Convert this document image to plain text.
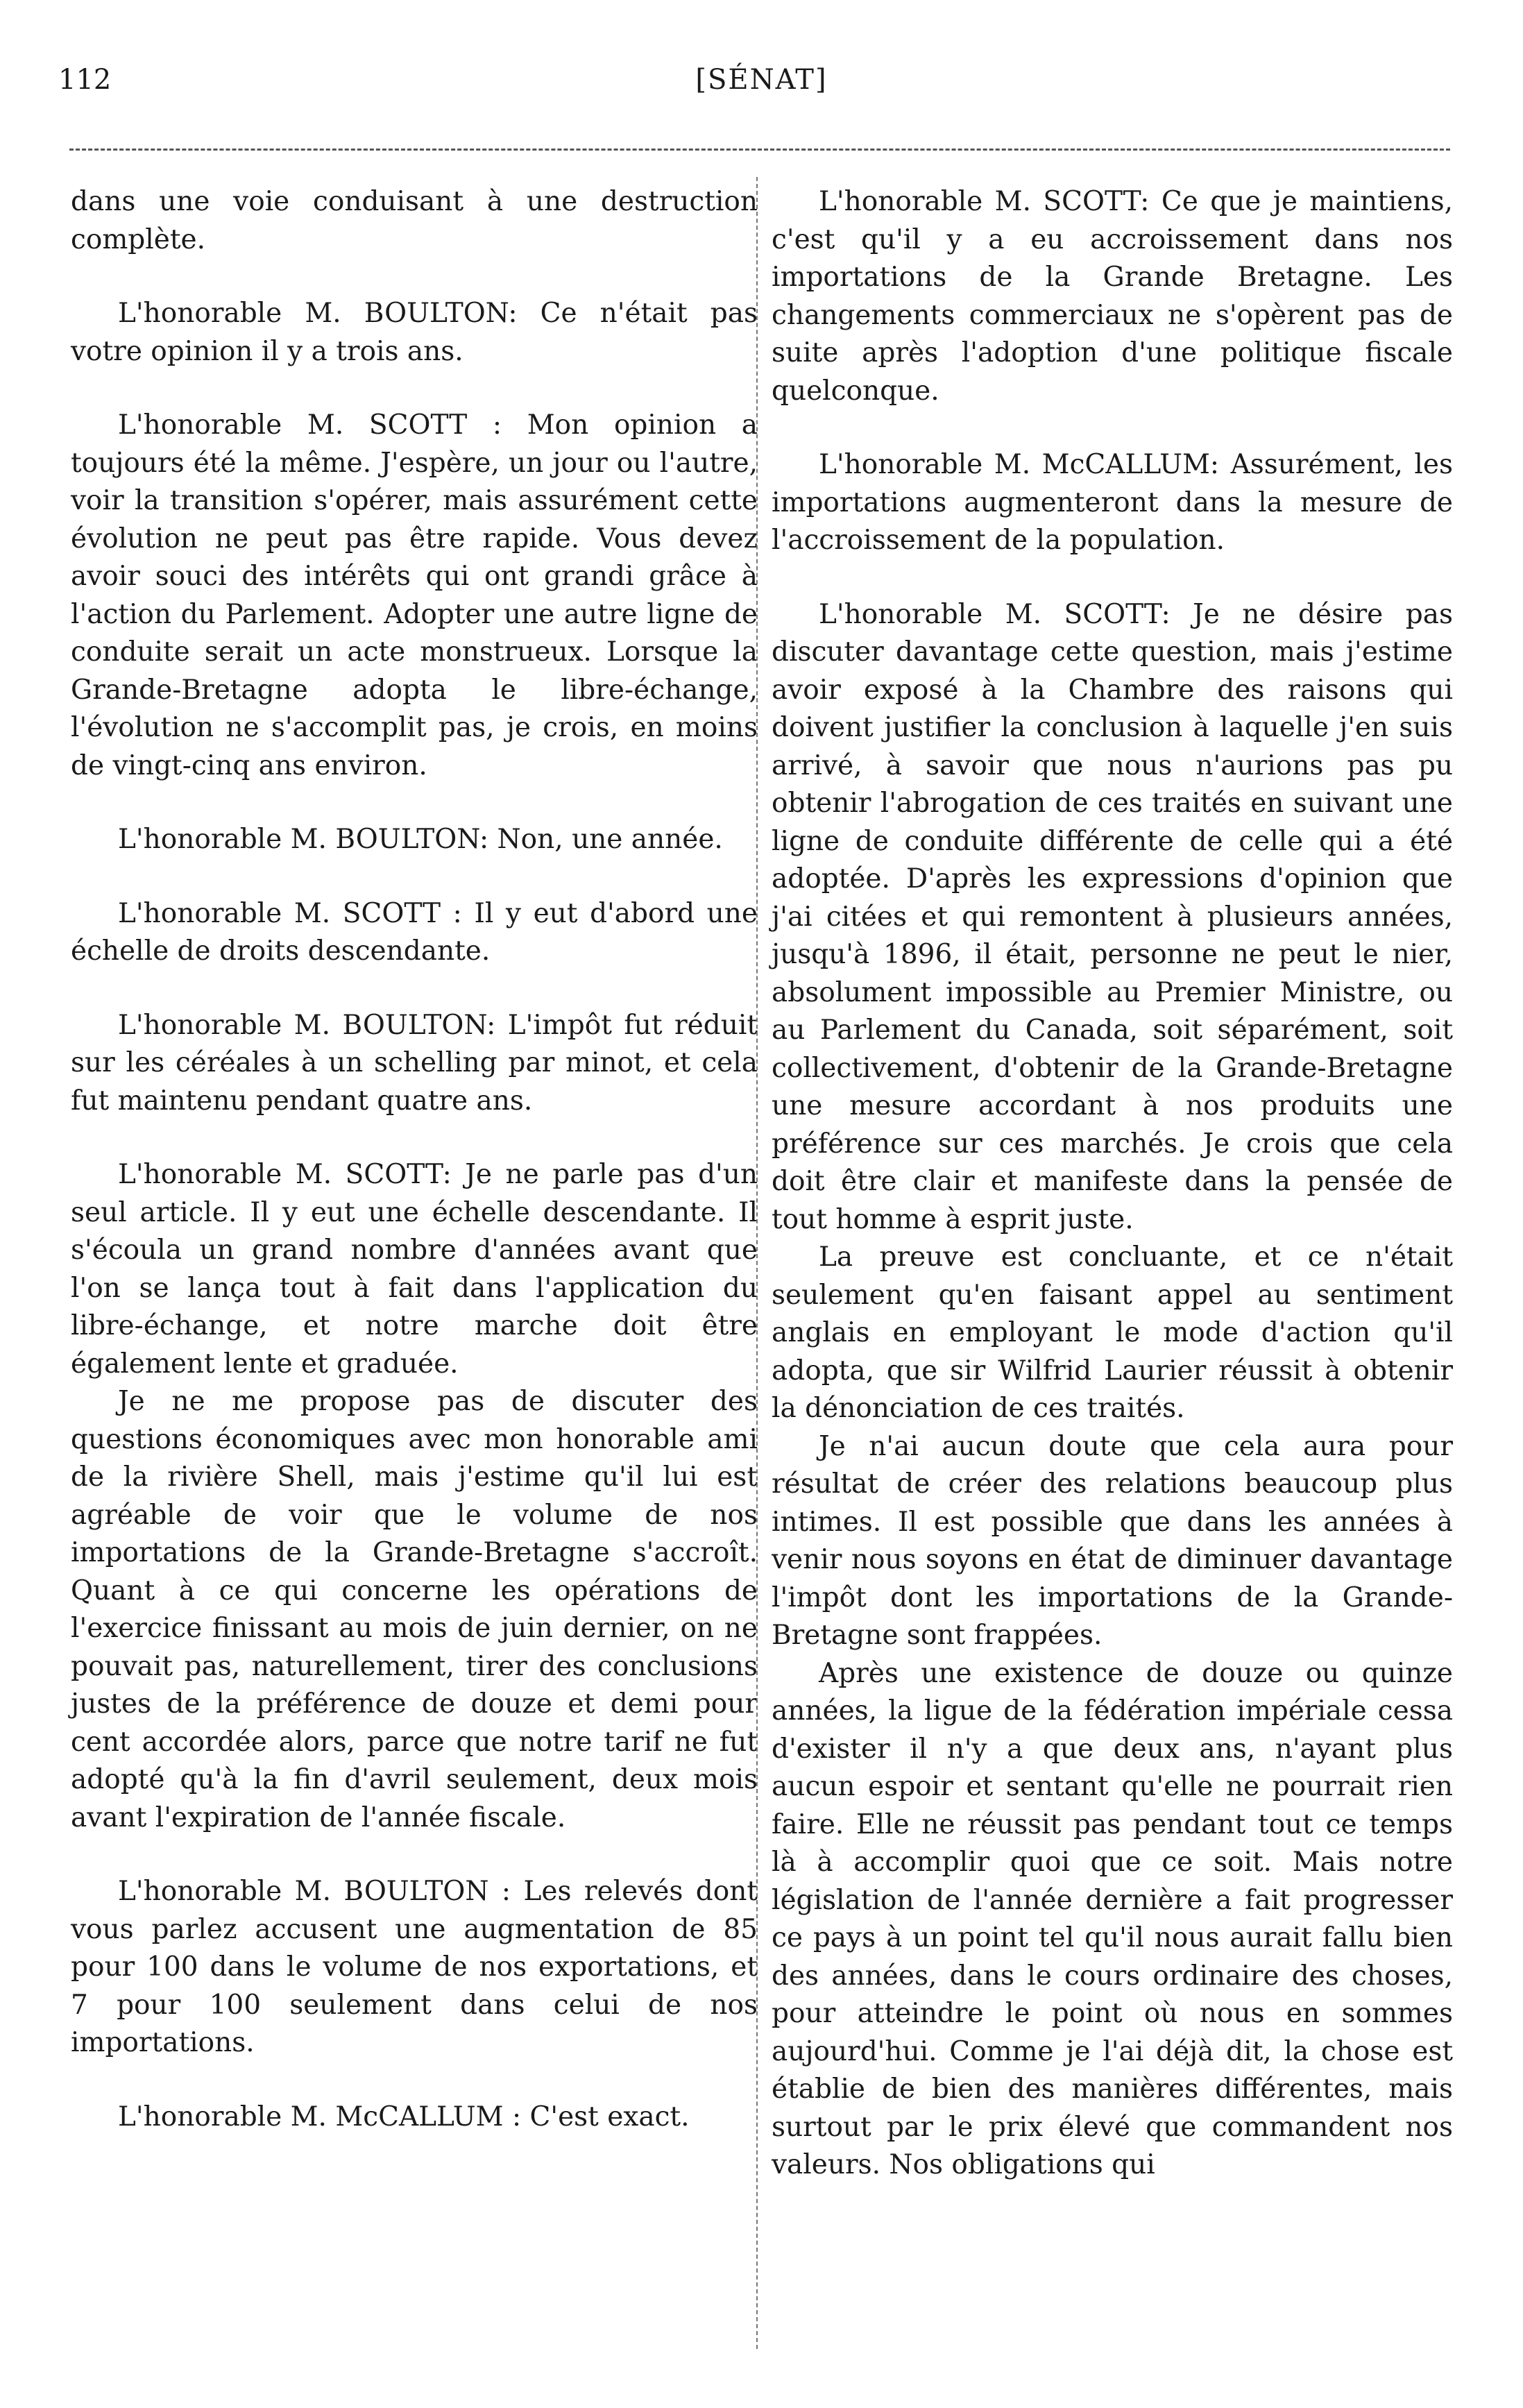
112	[SÉNAT]

dans une voie conduisant à une destruction complète.

L'honorable M. BOULTON: Ce n'était pas votre opinion il y a trois ans.

L'honorable M. SCOTT : Mon opinion a toujours été la même. J'espère, un jour ou l'autre, voir la transition s'opérer, mais assurément cette évolution ne peut pas être rapide. Vous devez avoir souci des intérêts qui ont grandi grâce à l'action du Parlement. Adopter une autre ligne de conduite serait un acte monstrueux. Lorsque la Grande-Bretagne adopta le libre-échange, l'évolution ne s'accomplit pas, je crois, en moins de vingt-cinq ans environ.

L'honorable M. BOULTON: Non, une année.

L'honorable M. SCOTT : Il y eut d'abord une échelle de droits descendante.

L'honorable M. BOULTON: L'impôt fut réduit sur les céréales à un schelling par minot, et cela fut maintenu pendant quatre ans.

L'honorable M. SCOTT: Je ne parle pas d'un seul article. Il y eut une échelle descendante. Il s'écoula un grand nombre d'années avant que l'on se lança tout à fait dans l'application du libre-échange, et notre marche doit être également lente et graduée.

Je ne me propose pas de discuter des questions économiques avec mon honorable ami de la rivière Shell, mais j'estime qu'il lui est agréable de voir que le volume de nos importations de la Grande-Bretagne s'accroît. Quant à ce qui concerne les opérations de l'exercice finissant au mois de juin dernier, on ne pouvait pas, naturellement, tirer des conclusions justes de la préférence de douze et demi pour cent accordée alors, parce que notre tarif ne fut adopté qu'à la fin d'avril seulement, deux mois avant l'expiration de l'année fiscale.

L'honorable M. BOULTON : Les relevés dont vous parlez accusent une augmentation de 85 pour 100 dans le volume de nos exportations, et 7 pour 100 seulement dans celui de nos importations.

L'honorable M. McCALLUM : C'est exact.

L'honorable M. SCOTT: Ce que je maintiens, c'est qu'il y a eu accroissement dans nos importations de la Grande Bretagne. Les changements commerciaux ne s'opèrent pas de suite après l'adoption d'une politique fiscale quelconque.

L'honorable M. McCALLUM: Assurément, les importations augmenteront dans la mesure de l'accroissement de la population.

L'honorable M. SCOTT: Je ne désire pas discuter davantage cette question, mais j'estime avoir exposé à la Chambre des raisons qui doivent justifier la conclusion à laquelle j'en suis arrivé, à savoir que nous n'aurions pas pu obtenir l'abrogation de ces traités en suivant une ligne de conduite différente de celle qui a été adoptée. D'après les expressions d'opinion que j'ai citées et qui remontent à plusieurs années, jusqu'à 1896, il était, personne ne peut le nier, absolument impossible au Premier Ministre, ou au Parlement du Canada, soit séparément, soit collectivement, d'obtenir de la Grande-Bretagne une mesure accordant à nos produits une préférence sur ces marchés. Je crois que cela doit être clair et manifeste dans la pensée de tout homme à esprit juste.

La preuve est concluante, et ce n'était seulement qu'en faisant appel au sentiment anglais en employant le mode d'action qu'il adopta, que sir Wilfrid Laurier réussit à obtenir la dénonciation de ces traités.

Je n'ai aucun doute que cela aura pour résultat de créer des relations beaucoup plus intimes. Il est possible que dans les années à venir nous soyons en état de diminuer davantage l'impôt dont les importations de la Grande-Bretagne sont frappées.

Après une existence de douze ou quinze années, la ligue de la fédération impériale cessa d'exister il n'y a que deux ans, n'ayant plus aucun espoir et sentant qu'elle ne pourrait rien faire. Elle ne réussit pas pendant tout ce temps là à accomplir quoi que ce soit. Mais notre législation de l'année dernière a fait progresser ce pays à un point tel qu'il nous aurait fallu bien des années, dans le cours ordinaire des choses, pour atteindre le point où nous en sommes aujourd'hui. Comme je l'ai déjà dit, la chose est établie de bien des manières différentes, mais surtout par le prix élevé que commandent nos valeurs. Nos obligations qui
